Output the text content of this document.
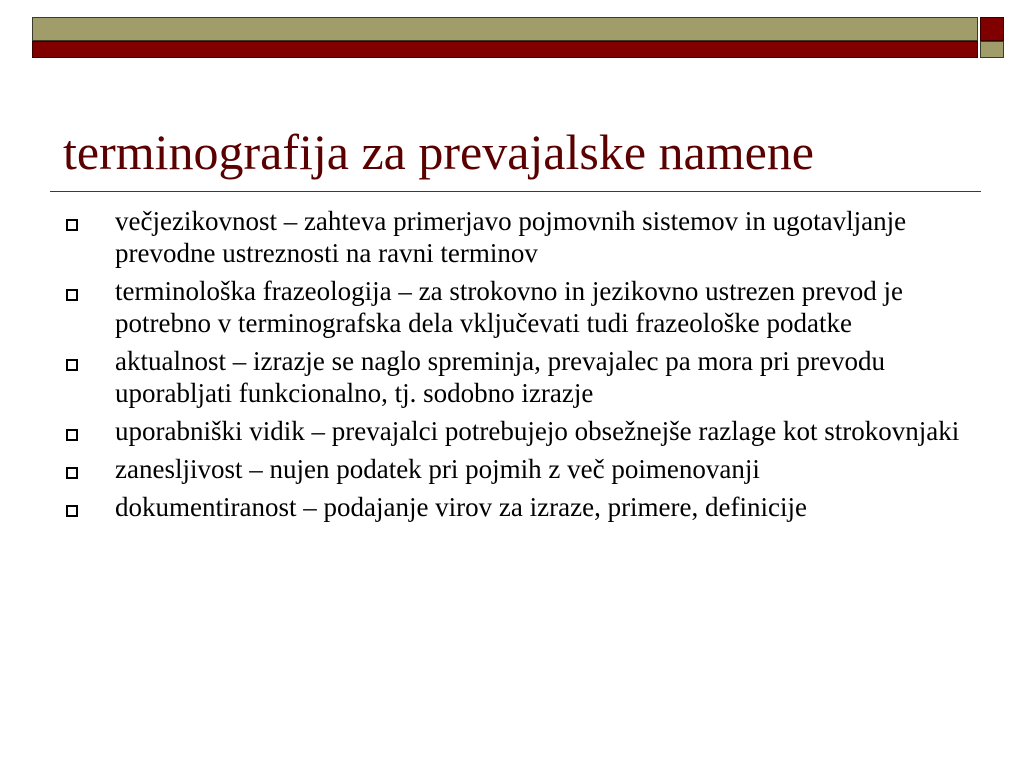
terminografija za prevajalske namene
večjezikovnost – zahteva primerjavo pojmovnih sistemov in ugotavljanje prevodne ustreznosti na ravni terminov
terminološka frazeologija – za strokovno in jezikovno ustrezen prevod je potrebno v terminografska dela vključevati tudi frazeološke podatke
aktualnost – izrazje se naglo spreminja, prevajalec pa mora pri prevodu uporabljati funkcionalno, tj. sodobno izrazje
uporabniški vidik – prevajalci potrebujejo obsežnejše razlage kot strokovnjaki
zanesljivost – nujen podatek pri pojmih z več poimenovanji
dokumentiranost – podajanje virov za izraze, primere, definicije
